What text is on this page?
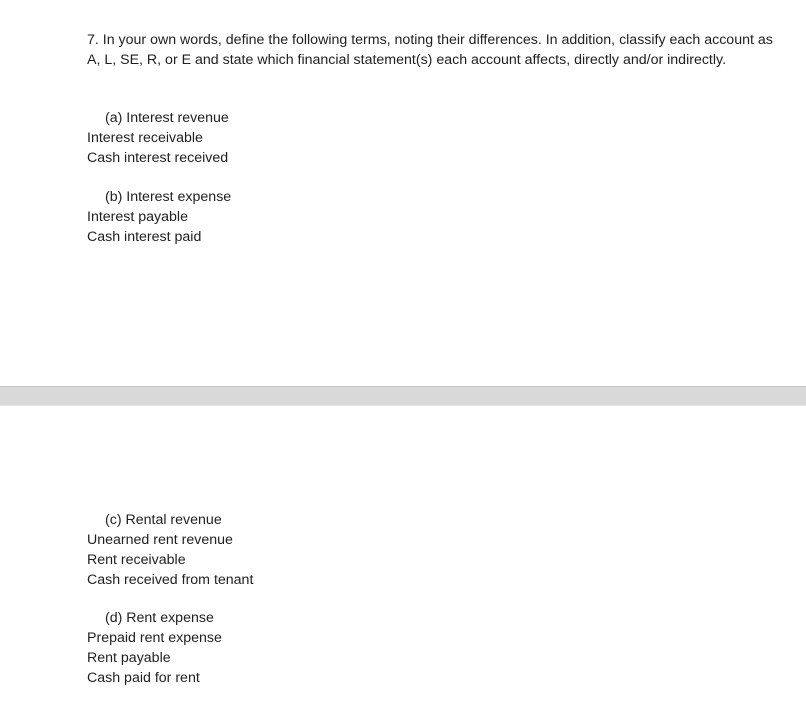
7. In your own words, define the following terms, noting their differences. In addition, classify each account as A, L, SE, R, or E and state which financial statement(s) each account affects, directly and/or indirectly.

(a) Interest revenue
Interest receivable
Cash interest received
(b) Interest expense
Interest payable
Cash interest paid
(c) Rental revenue
Unearned rent revenue
Rent receivable
Cash received from tenant
(d) Rent expense
Prepaid rent expense
Rent payable
Cash paid for rent
